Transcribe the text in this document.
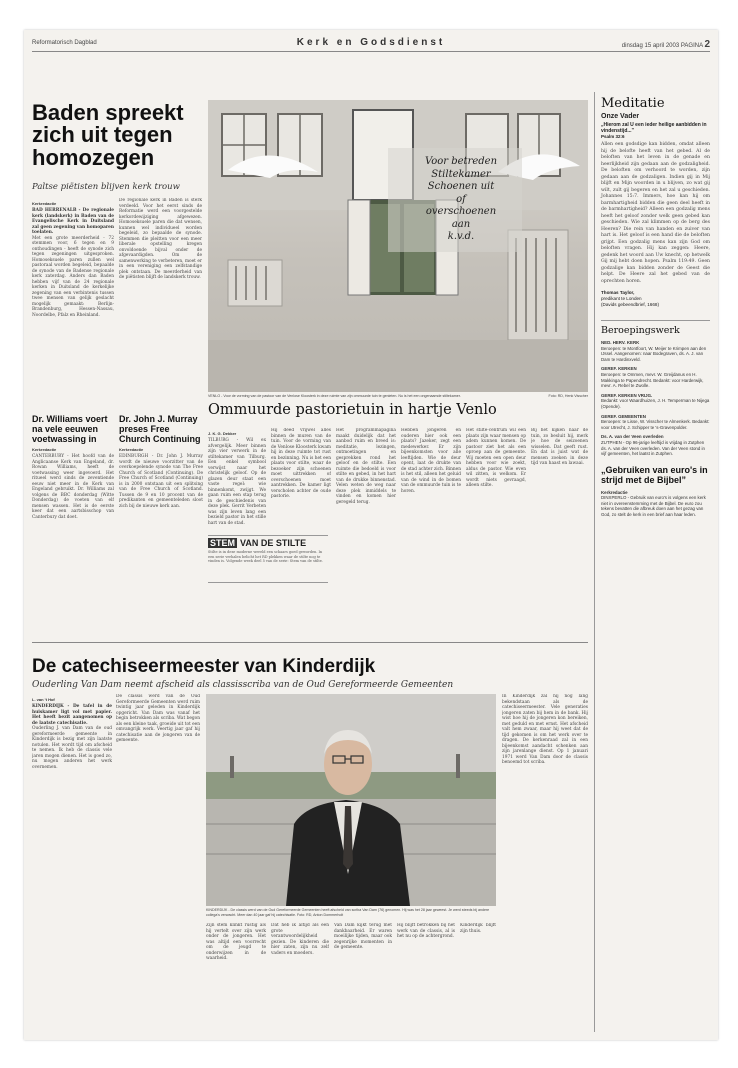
Reformatorisch Dagblad	Kerk en Godsdienst	dinsdag 15 april 2003 PAGINA 2
Baden spreekt zich uit tegen homozegen
Paltse piëtisten blijven kerk trouw
Kerkredactie
BAD HERRENALB - De regionale kerk (landskerk) in Baden van de Evangelische Kerk in Duitsland zal geen zegening van homoparen toelaten.
Met een grote meerderheid - 72 stemmen voor, 6 tegen en 9 onthoudingen - heeft de synode zich tegen zegeningen uitgesproken. Homoseksuele paren zullen wel pastoraal worden begeleid, bepaalde de synode van de Badense regionale kerk zaterdag. Anders dan Baden hebben vijf van de 24 regionale kerken in Duitsland de kerkelijke zegening van een verbintenis tussen twee mensen van gelijk geslacht mogelijk gemaakt: Berlijn-Brandenburg, Hessen-Nassau, Noordelbe, Pfalz en Rheinland.
De regionale kerk in Baden is sterk verdeeld. Voor het eerst sinds de Reformatie werd een voorgestelde kerkordewijziging afgewezen. Homoseksuele paren die dat wensen, kunnen wel individueel worden begeleid, zo bepaalde de synode. Stemmen die pleitten voor een meer liberale opstelling kregen onvoldoende bijval onder de afgevaardigden. Om de samenwerking te verbeteren, moet er in een vereniging een zelfstandige plek ontstaan. De meerderheid van de piëtisten blijft de landskerk trouw.
Voor betreden
Stiltekamer
Schoenen uit
of
overschoenen
aan
k.v.d.
VENLO - Voor de vorming van de pastoor van de Venlose Kloosterk in deze ruimte van zijn ommuurde tuin te genieten. Nu is het een ongenaamde stiltekamer.	Foto: RD, Henk Visscher
Ommuurde pastorietuin in hartje Venlo
Dr. Williams voert na vele eeuwen voetwassing in
Kerkredactie
CANTERBURY - Het hoofd van de Anglicaanse Kerk van Engeland, dr. Rowan Williams, heeft de voetwassing weer ingevoerd. Het ritueel werd sinds de zeventiende eeuw niet meer in de Kerk van Engeland gebruikt. Dr. Williams zal volgens de BBC donderdag (Witte Donderdag) de voeten van elf mensen wassen. Het is de eerste keer dat een aartsbisschop van Canterbury dat doet.
Dr. John J. Murray preses Free Church Continuing
Kerkredactie
EDINBURGH - Dr. John J. Murray wordt de nieuwe voorzitter van de overkoepelende synode van The Free Church of Scotland (Continuing). De Free Church of Scotland (Continuing) is in 2000 ontstaan uit een splitsing van de Free Church of Scotland. Tussen de 9 en 10 procent van de predikanten en gemeenteleden sloot zich bij de nieuwe kerk aan.
J. K. G. Dekker
TILBURG - Wil ex afvergelijk. Meer binnen zijn vier verwerk in de stiltekamer van Tilburg. Een enkel symbool verwijst naar het christelijk geloof. Op de glazen deur staat een vaste regel: wie binnenkomt, zwijgt. We gaan ruim een stap terug in de geschiedenis van deze plek. Gerrit Verbeten was zijn leven lang een bezield pastor in het stille hart van de stad.
Hij deed vrijwel alles binnen de muren van de tuin. Voor de vorming van de Venlose Kloosterk kwam hij in deze ruimte tot rust en bezinning. Nu is het een plaats voor stilte, waar de bezoeker zijn schoenen moet uittrekken of overschoenen moet aantrekken. De kamer ligt verscholen achter de oude pastorie.
Het programmapagina maakt duidelijk dat het aanbod ruim en breed is: meditatie, lezingen, ontmoetingen en gesprekken rond het geloof en de stilte. Een ruimte die bedoeld is voor stilte en gebed, in het hart van de drukke binnenstad. Velen weten de weg naar deze plek inmiddels te vinden en komen hier geregeld terug.
Hebben jongeren en ouderen hier ook een plaats? Jazeker, zegt een medewerker. Er zijn bijeenkomsten voor alle leeftijden. Wie de deur opent, laat de drukte van de stad achter zich. Binnen is het stil, alleen het geluid van de wind in de bomen van de ommuurde tuin is te horen.
Het stilte-centrum wil een plaats zijn waar mensen op adem kunnen komen. De pastoor ziet het als een oproep aan de gemeente. Wij moeten een open deur hebben voor wie zoekt, aldus de pastor. Wie even wil zitten, is welkom. Er wordt niets gevraagd, alleen stilte.
Bij het kijken naar de tuin, zo besluit hij, merk je hoe de seizoenen wisselen. Dat geeft rust. En dat is juist wat de mensen zoeken in deze tijd van haast en lawaai.
STEM VAN DE STILTE
Stilte is in deze moderne wereld een schaars goed geworden. In een serie verhalen belicht het RD plekken waar de stilte nog te vinden is. Volgende week deel 5 van de serie: Stem van de stilte.
De catechiseermeester van Kinderdijk
Ouderling Van Dam neemt afscheid als classisscriba van de Oud Gereformeerde Gemeenten
L. van 't Hof
KINDERDIJK - De tafel in de huiskamer ligt vol met papier. Het heeft bezit aangenomen op de laatste catechisatie.
Ouderling J. van Dam van de oud gereformeerde gemeente in Kinderdijk is bezig met zijn laatste notulen. Het wordt tijd om afscheid te nemen. Ik heb de classis vele jaren mogen dienen. Het is goed zo, nu mogen anderen het werk overnemen.
De classis werd van de Oud Gereformeerde Gemeenten werd ruim twintig jaar geleden in Kinderdijk opgericht. Van Dam was vanaf het begin betrokken als scriba. Wat begon als een kleine taak, groeide uit tot een omvangrijk werk. Veertig jaar gaf hij catechisatie aan de jongeren van de gemeente.
KINDERDIJK - De classis werd van de Oud Gereformeerde Gemeenten heeft afscheid van scriba Van Dam (76) genomen. Hij was het 28 jaar geweest. Je werd steeds bij andere collega's verwacht. Meer dan 40 jaar gaf hij catechisatie. Foto: RD, Anton Dommerholt
Zijn stem klinkt rustig als hij vertelt over zijn werk onder de jongeren. Het was altijd een voorrecht om de jeugd te onderwijzen in de waarheid.
Dat heb ik altijd als een grote verantwoordelijkheid gezien. De kinderen die hier zaten, zijn nu zelf vaders en moeders.
Van Dam kijkt terug met dankbaarheid. Er waren moeilijke tijden, maar ook zegenrijke momenten in de gemeente.
Hij blijft betrokken bij het werk van de classis, al is het nu op de achtergrond.
Kinderdijk blijft zijn thuis.
In Kinderdijk zal hij nog lang bekendstaan als de catechiseermeester. Vele generaties jongeren zaten bij hem in de bank. Hij wist hoe hij de jongeren kon bereiken, met geduld en met ernst. Het afscheid valt hem zwaar, maar hij weet dat de tijd gekomen is om het werk over te dragen. De kerkenraad zal in een bijeenkomst aandacht schenken aan zijn jarenlange dienst. Op 1 januari 1971 werd Van Dam door de classis benoemd tot scriba.
Meditatie
Onze Vader
„Hierom zal U een ieder heilige aanbidden in vindenstijd...”
Psalm 32:6
Allen een godsdige kan bidden, omdat alleen hij de belofte heeft van het gebed. Al de beloften van het leven in de genade en heerlijkheid zijn gedaan aan de godzaligheid. De beloften om verhoord te worden, zijn gedaan aan de godzaligen. Indien gij in Mij blijft en Mijn woorden in u blijven, zo wat gij wilt, zult gij begeren en het zal u geschieden. Johannes 15:7. Immers, hoe kan hij om barmhartigheid bidden die geen deel heeft in de barmhartigheid? Alleen een godzalig mens heeft het geloof zonder welk geen gebed kan geschieden. Wie zal klimmen op de berg des Heeren? Die rein van handen en zuiver van hart is. Het geloof is een hand die de beloften grijpt. Een godzalig mens kan zijn God om beloften vragen. Hij kan zeggen: Heere, gedenk het woord aan Uw knecht, op hetwelk Gij mij hebt doen hopen. Psalm 119:49. Geen godzalige kan bidden zonder de Geest die helpt. De Heere zal het gebed van de oprechten horen.
Thomas Taylor,
predikant te Londen
(Davids gebeendbrief, 1668)
Beroepingswerk
NED. HERV. KERK
Beroepen: te Montfoort, W. Meijer te Krimpen aan den IJssel. Aangenomen: naar Bodegraven, ds. A. J. van Dam te Hardinxveld.
GEREF. KERKEN
Beroepen: te Ommen, mevr. W. Greijdanus en H. Makkinga te Papendrecht. Bedankt: voor Harderwijk, mevr. A. Rebel te Zwolle.
GEREF. KERKEN VRIJG.
Bedankt: voor Waardhuizen, J. H. Temperman te Nijega (Opende).
GEREF. GEMEENTEN
Beroepen: te Lisse, W. Visscher te Almenkerk. Bedankt: voor Utrecht, J. Schipper te 's-Gravenpolder.
Ds. A. van der Veen overleden
ZUTPHEN - Op 96-jarige leeftijd is vrijdag in Zutphen ds. A. van der Veen overleden. Van der Veen stond in vijf gemeenten, het laatst in Zutphen.
„Gebruiken van euro's in strijd met de Bijbel”
Kerkredactie
DINXPERLO - Gebruik van euro's is volgens een kerk niet in overeenstemming met de Bijbel. De euro zou tekens bevatten die afbreuk doen aan het gezag van God, zo stelt de kerk in een brief aan haar leden.
